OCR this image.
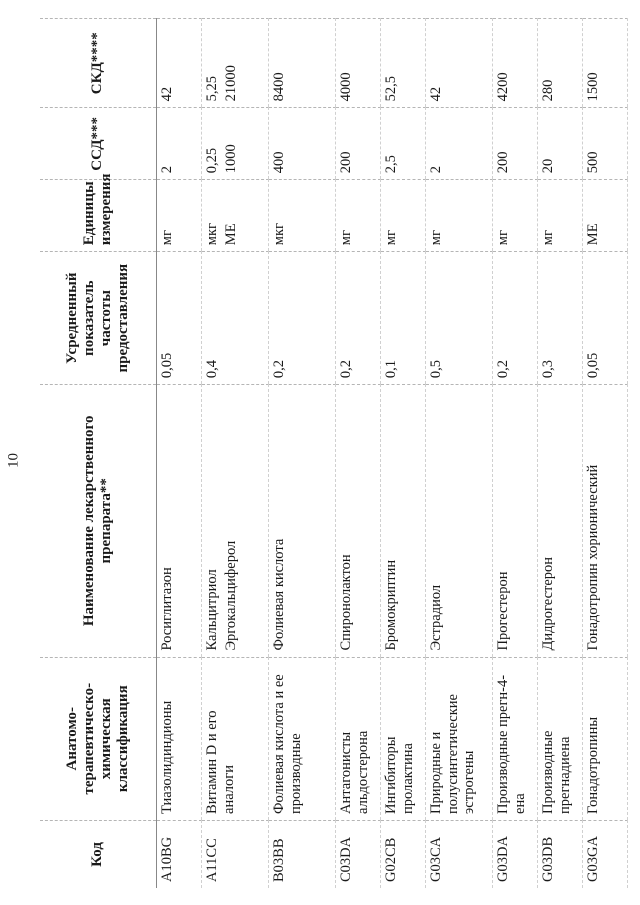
10
Код	Анатомо-терапевтическо-химическая классификация	Наименование лекарственного препарата**	Усредненный показатель частоты предоставления	Единицы измерения	ССД***	СКД****
A10BG	Тиазолидиндионы	Росиглитазон	0,05	мг	2	42

A11CC	Витамин D и его аналоги	Кальцитриол Эргокальциферол	0,4	мкг МЕ	0,25 1000	5,25 21000

B03BB	Фолиевая кислота и ее производные	Фолиевая кислота	0,2	мкг	400	8400

C03DA	Антагонисты альдостерона	Спиронолактон	0,2	мг	200	4000

G02CB	Ингибиторы пролактина	Бромокриптин	0,1	мг	2,5	52,5

G03CA	Природные и полусинтетические эстрогены	Эстрадиол	0,5	мг	2	42

G03DA	Производные прегн-4-ена	Прогестерон	0,2	мг	200	4200

G03DB	Производные прегнадиена	Дидрогестерон	0,3	мг	20	280

G03GA	Гонадотропины	Гонадотропин хорионический	0,05	МЕ	500	1500
